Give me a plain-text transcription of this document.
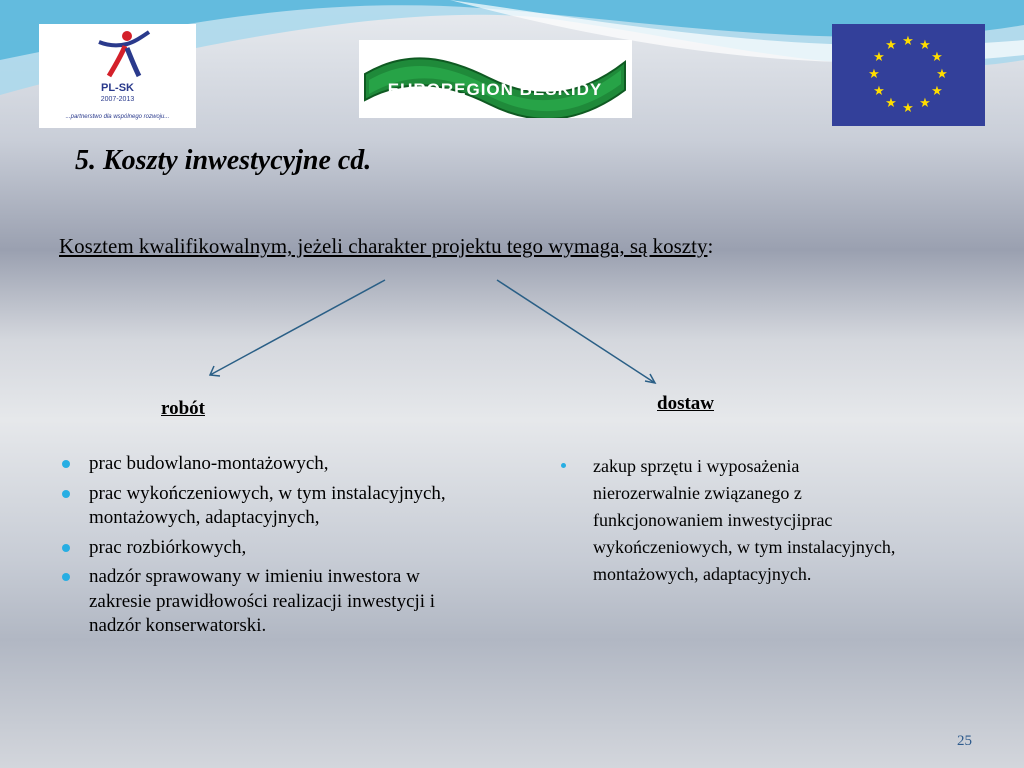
PL-SK
2007-2013
...partnerstwo dla wspólnego rozwoju...
EUROREGION BESKIDY
★ ★
★
★
★
★
★
★
★
★
★
★
5. Koszty inwestycyjne cd.
Kosztem kwalifikowalnym, jeżeli charakter projektu tego wymaga, są koszty:
robót	dostaw
prac budowlano-montażowych,
prac wykończeniowych, w tym instalacyjnych, montażowych, adaptacyjnych,
prac rozbiórkowych,
nadzór sprawowany w imieniu inwestora w zakresie prawidłowości realizacji inwestycji i nadzór konserwatorski.
zakup sprzętu i wyposażenia nierozerwalnie związanego z funkcjonowaniem inwestycjiprac wykończeniowych, w tym instalacyjnych, montażowych, adaptacyjnych.
25
